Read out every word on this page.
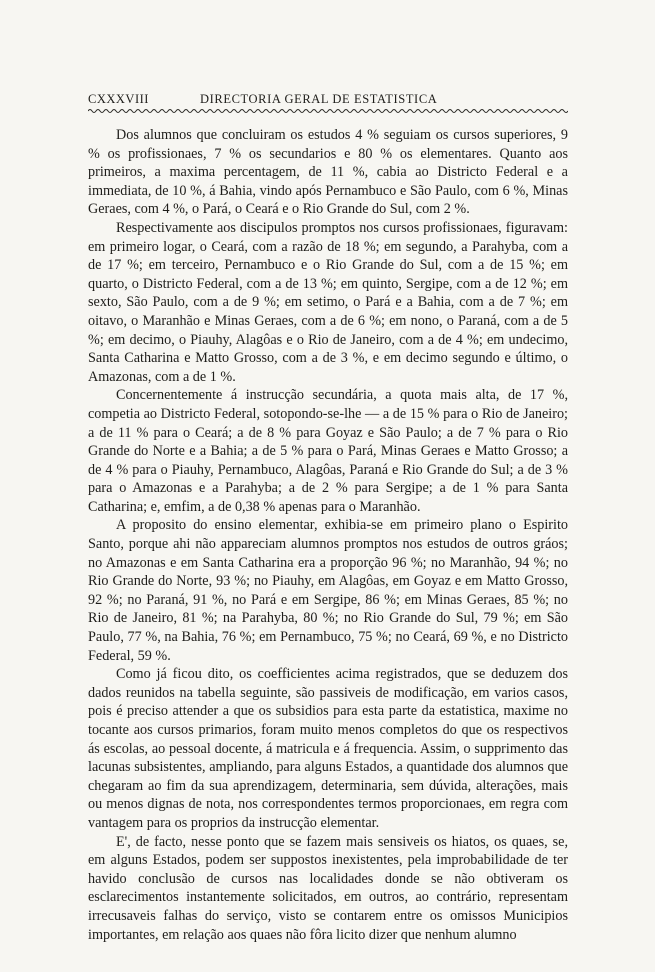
CXXXVIII	DIRECTORIA GERAL DE ESTATISTICA

Dos alumnos que concluiram os estudos 4 % seguiam os cursos superiores, 9 % os profissionaes, 7 % os secundarios e 80 % os elementares. Quanto aos primeiros, a maxima percentagem, de 11 %, cabia ao Districto Federal e a immediata, de 10 %, á Bahia, vindo após Pernambuco e São Paulo, com 6 %, Minas Geraes, com 4 %, o Pará, o Ceará e o Rio Grande do Sul, com 2 %.

Respectivamente aos discipulos promptos nos cursos profissionaes, figuravam: em primeiro logar, o Ceará, com a razão de 18 %; em segundo, a Parahyba, com a de 17 %; em terceiro, Pernambuco e o Rio Grande do Sul, com a de 15 %; em quarto, o Districto Federal, com a de 13 %; em quinto, Sergipe, com a de 12 %; em sexto, São Paulo, com a de 9 %; em setimo, o Pará e a Bahia, com a de 7 %; em oitavo, o Maranhão e Minas Geraes, com a de 6 %; em nono, o Paraná, com a de 5 %; em decimo, o Piauhy, Alagôas e o Rio de Janeiro, com a de 4 %; em undecimo, Santa Catharina e Matto Grosso, com a de 3 %, e em decimo segundo e último, o Amazonas, com a de 1 %.

Concernentemente á instrucção secundária, a quota mais alta, de 17 %, competia ao Districto Federal, sotopondo-se-lhe — a de 15 % para o Rio de Janeiro; a de 11 % para o Ceará; a de 8 % para Goyaz e São Paulo; a de 7 % para o Rio Grande do Norte e a Bahia; a de 5 % para o Pará, Minas Geraes e Matto Grosso; a de 4 % para o Piauhy, Pernambuco, Alagôas, Paraná e Rio Grande do Sul; a de 3 % para o Amazonas e a Parahyba; a de 2 % para Sergipe; a de 1 % para Santa Catharina; e, emfim, a de 0,38 % apenas para o Maranhão.

A proposito do ensino elementar, exhibia-se em primeiro plano o Espirito Santo, porque ahi não appareciam alumnos promptos nos estudos de outros gráos; no Amazonas e em Santa Catharina era a proporção 96 %; no Maranhão, 94 %; no Rio Grande do Norte, 93 %; no Piauhy, em Alagôas, em Goyaz e em Matto Grosso, 92 %; no Paraná, 91 %, no Pará e em Sergipe, 86 %; em Minas Geraes, 85 %; no Rio de Janeiro, 81 %; na Parahyba, 80 %; no Rio Grande do Sul, 79 %; em São Paulo, 77 %, na Bahia, 76 %; em Pernambuco, 75 %; no Ceará, 69 %, e no Districto Federal, 59 %.

Como já ficou dito, os coefficientes acima registrados, que se deduzem dos dados reunidos na tabella seguinte, são passiveis de modificação, em varios casos, pois é preciso attender a que os subsidios para esta parte da estatistica, maxime no tocante aos cursos primarios, foram muito menos completos do que os respectivos ás escolas, ao pessoal docente, á matricula e á frequencia. Assim, o supprimento das lacunas subsistentes, ampliando, para alguns Estados, a quantidade dos alumnos que chegaram ao fim da sua aprendizagem, determinaria, sem dúvida, alterações, mais ou menos dignas de nota, nos correspondentes termos proporcionaes, em regra com vantagem para os proprios da instrucção elementar.

E', de facto, nesse ponto que se fazem mais sensiveis os hiatos, os quaes, se, em alguns Estados, podem ser suppostos inexistentes, pela improbabilidade de ter havido conclusão de cursos nas localidades donde se não obtiveram os esclarecimentos instantemente solicitados, em outros, ao contrário, representam irrecusaveis falhas do serviço, visto se contarem entre os omissos Municipios importantes, em relação aos quaes não fôra licito dizer que nenhum alumno
